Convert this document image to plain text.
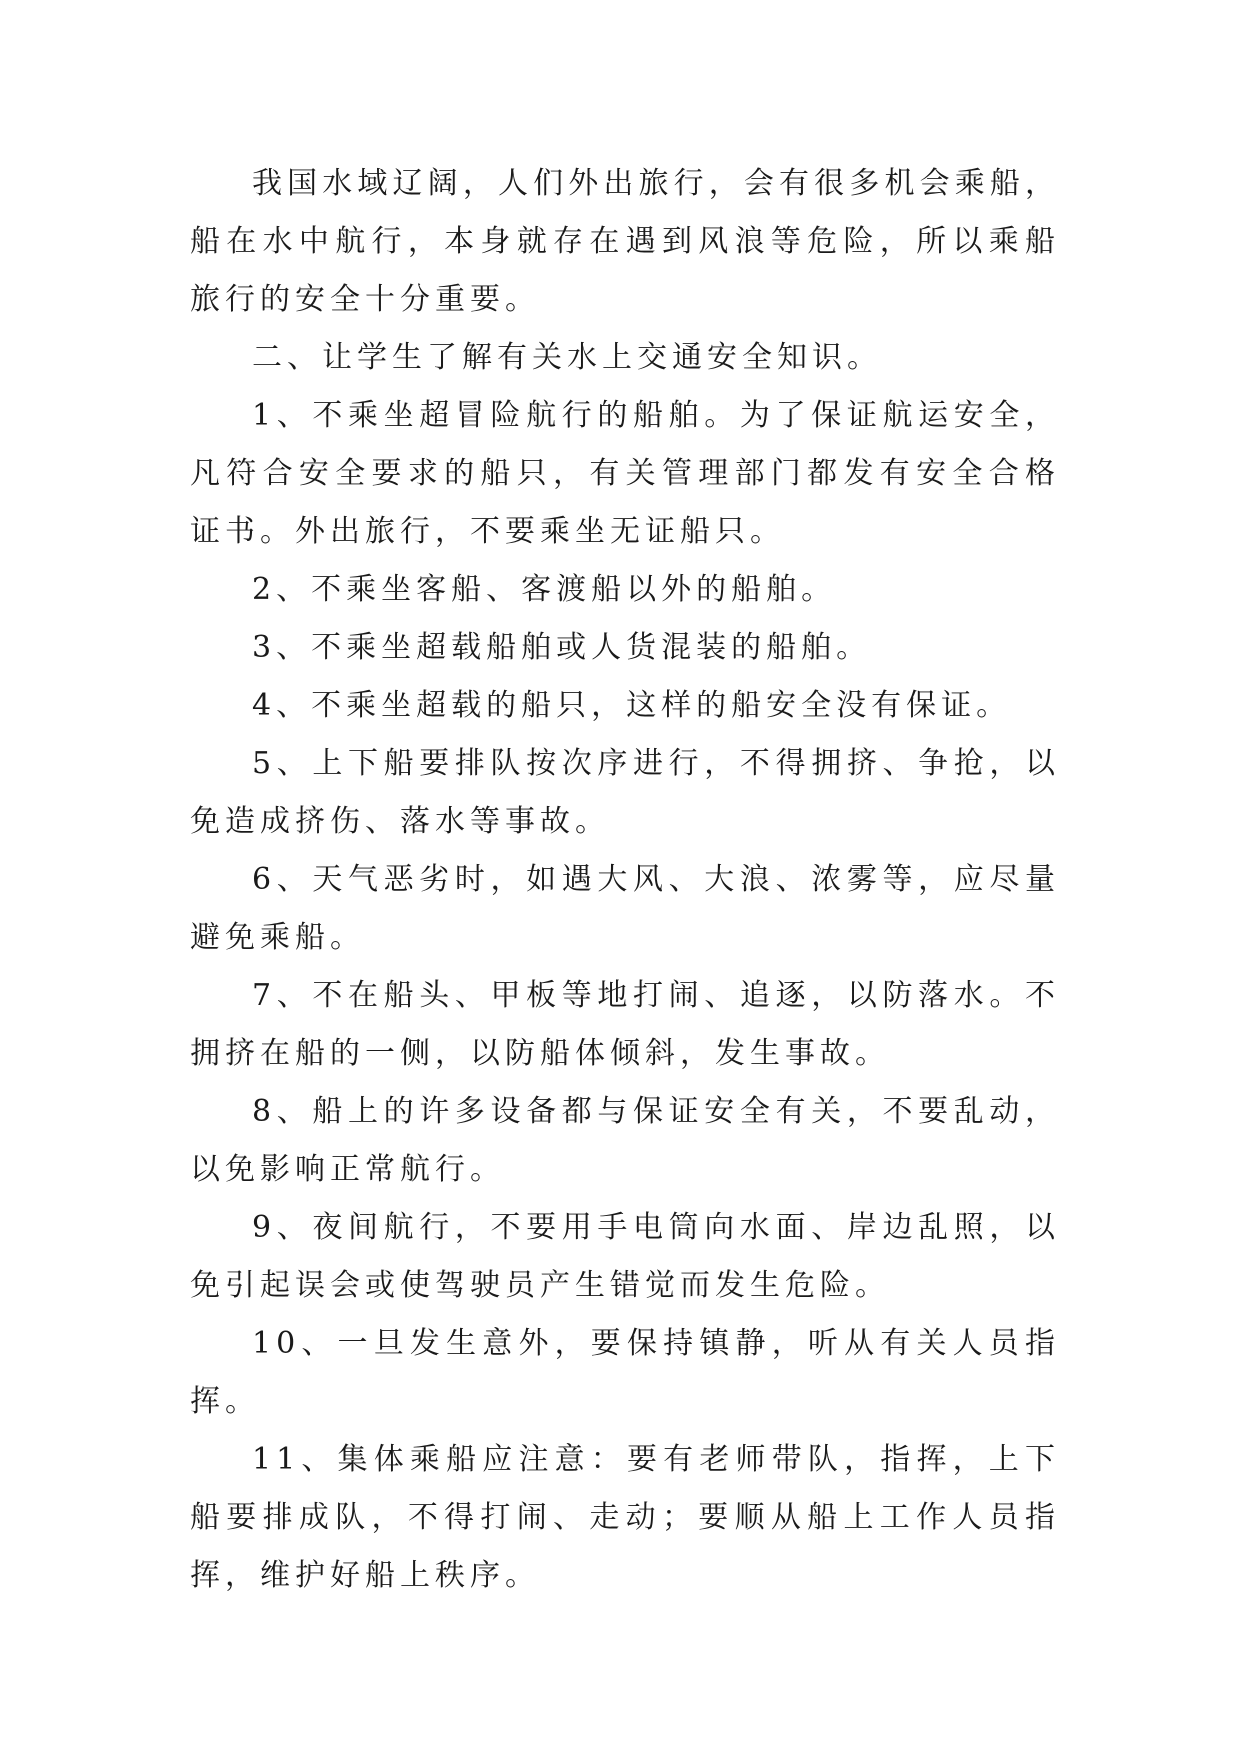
我国水域辽阔，人们外出旅行，会有很多机会乘船，船在水中航行，本身就存在遇到风浪等危险，所以乘船旅行的安全十分重要。

二、让学生了解有关水上交通安全知识。

1、不乘坐超冒险航行的船舶。为了保证航运安全，凡符合安全要求的船只，有关管理部门都发有安全合格证书。外出旅行，不要乘坐无证船只。

2、不乘坐客船、客渡船以外的船舶。

3、不乘坐超载船舶或人货混装的船舶。

4、不乘坐超载的船只，这样的船安全没有保证。

5、上下船要排队按次序进行，不得拥挤、争抢，以免造成挤伤、落水等事故。

6、天气恶劣时，如遇大风、大浪、浓雾等，应尽量避免乘船。

7、不在船头、甲板等地打闹、追逐，以防落水。不拥挤在船的一侧，以防船体倾斜，发生事故。

8、船上的许多设备都与保证安全有关，不要乱动，以免影响正常航行。

9、夜间航行，不要用手电筒向水面、岸边乱照，以免引起误会或使驾驶员产生错觉而发生危险。

10、一旦发生意外，要保持镇静，听从有关人员指挥。

11、集体乘船应注意：要有老师带队，指挥，上下船要排成队，不得打闹、走动；要顺从船上工作人员指挥，维护好船上秩序。
